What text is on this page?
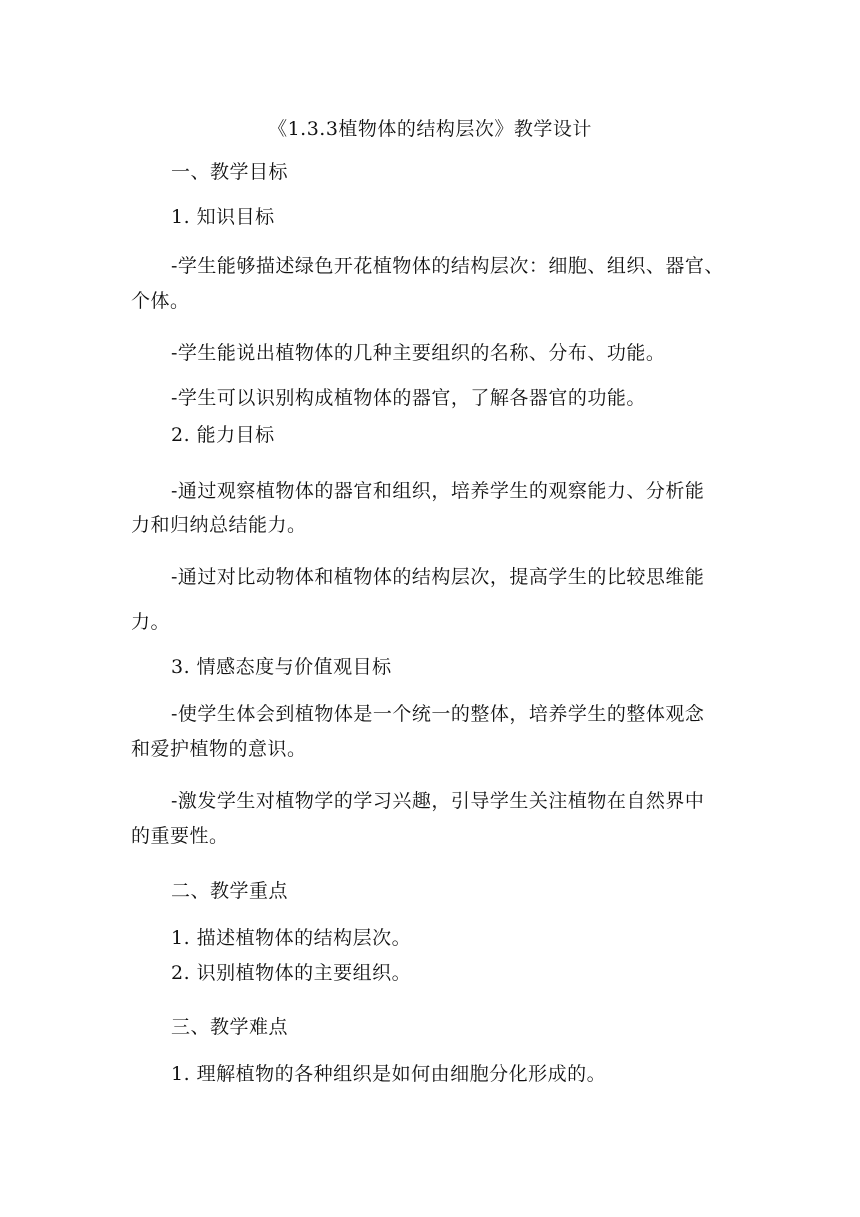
《1.3.3植物体的结构层次》教学设计
一、教学目标
1. 知识目标
-学生能够描述绿色开花植物体的结构层次：细胞、组织、器官、
个体。
-学生能说出植物体的几种主要组织的名称、分布、功能。
-学生可以识别构成植物体的器官，了解各器官的功能。
2. 能力目标
-通过观察植物体的器官和组织，培养学生的观察能力、分析能
力和归纳总结能力。
-通过对比动物体和植物体的结构层次，提高学生的比较思维能
力。
3. 情感态度与价值观目标
-使学生体会到植物体是一个统一的整体，培养学生的整体观念
和爱护植物的意识。
-激发学生对植物学的学习兴趣，引导学生关注植物在自然界中
的重要性。
二、教学重点
1. 描述植物体的结构层次。
2. 识别植物体的主要组织。
三、教学难点
1. 理解植物的各种组织是如何由细胞分化形成的。
